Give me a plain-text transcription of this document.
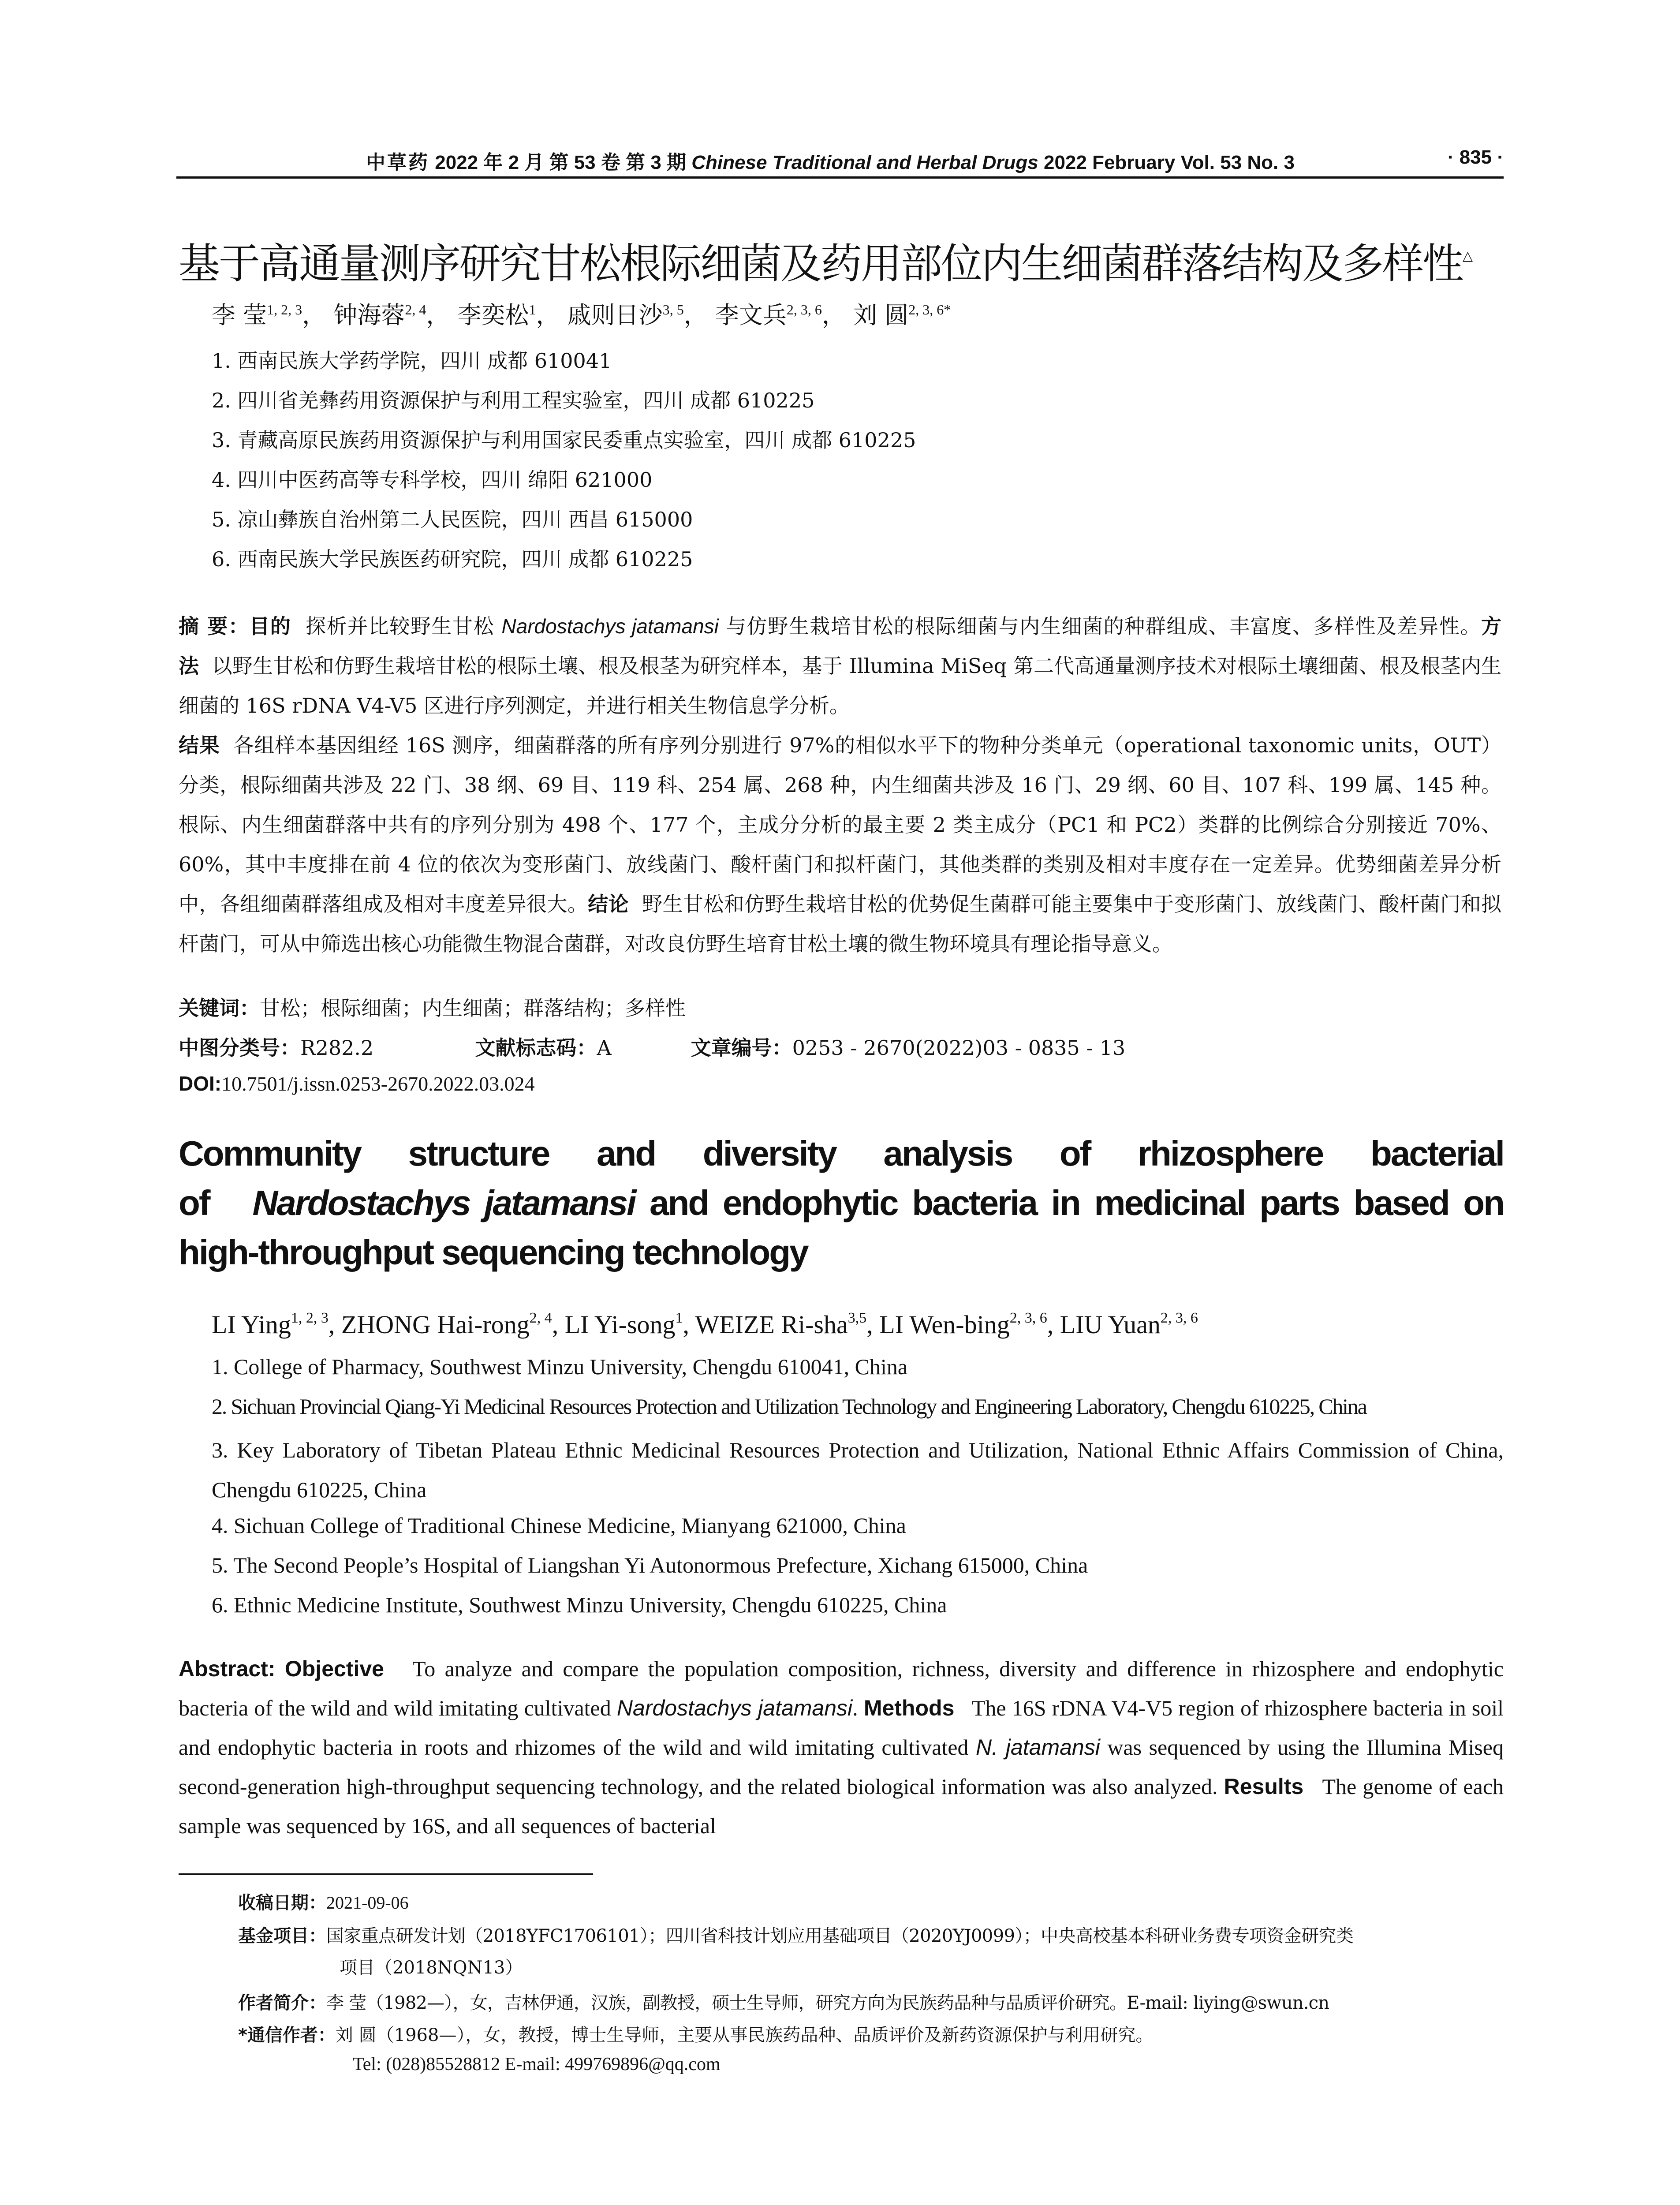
中草药 2022 年 2 月 第 53 卷 第 3 期 Chinese Traditional and Herbal Drugs 2022 February Vol. 53 No. 3	· 835 ·
基于高通量测序研究甘松根际细菌及药用部位内生细菌群落结构及多样性△
李 莹$^{1, 2, 3}$， 钟海蓉$^{2, 4}$， 李奕松$^1$， 戚则日沙$^{3, 5}$， 李文兵$^{2, 3, 6}$， 刘 圆$^{2, 3, 6*}$
1. 西南民族大学药学院，四川 成都 610041
2. 四川省羌彝药用资源保护与利用工程实验室，四川 成都 610225
3. 青藏高原民族药用资源保护与利用国家民委重点实验室，四川 成都 610225
4. 四川中医药高等专科学校，四川 绵阳 621000
5. 凉山彝族自治州第二人民医院，四川 西昌 615000
6. 西南民族大学民族医药研究院，四川 成都 610225
摘 要：目的 探析并比较野生甘松 Nardostachys jatamansi 与仿野生栽培甘松的根际细菌与内生细菌的种群组成、丰富度、多样性及差异性。方法 以野生甘松和仿野生栽培甘松的根际土壤、根及根茎为研究样本，基于 Illumina MiSeq 第二代高通量测序技术对根际土壤细菌、根及根茎内生细菌的 16S rDNA V4-V5 区进行序列测定，并进行相关生物信息学分析。
结果 各组样本基因组经 16S 测序，细菌群落的所有序列分别进行 97%的相似水平下的物种分类单元（operational taxonomic units，OUT）分类，根际细菌共涉及 22 门、38 纲、69 目、119 科、254 属、268 种，内生细菌共涉及 16 门、29 纲、60 目、107 科、199 属、145 种。根际、内生细菌群落中共有的序列分别为 498 个、177 个，主成分分析的最主要 2 类主成分（PC1 和 PC2）类群的比例综合分别接近 70%、60%，其中丰度排在前 4 位的依次为变形菌门、放线菌门、酸杆菌门和拟杆菌门，其他类群的类别及相对丰度存在一定差异。优势细菌差异分析中，各组细菌群落组成及相对丰度差异很大。结论 野生甘松和仿野生栽培甘松的优势促生菌群可能主要集中于变形菌门、放线菌门、酸杆菌门和拟杆菌门，可从中筛选出核心功能微生物混合菌群，对改良仿野生培育甘松土壤的微生物环境具有理论指导意义。
关键词：甘松；根际细菌；内生细菌；群落结构；多样性
中图分类号：R282.2	文献标志码：A	文章编号：0253 - 2670(2022)03 - 0835 - 13
DOI:10.7501/j.issn.0253-2670.2022.03.024
Community structure and diversity analysis of rhizosphere bacterial of Nardostachys jatamansi and endophytic bacteria in medicinal parts based on high-throughput sequencing technology
LI Ying$^{1, 2, 3}$, ZHONG Hai-rong$^{2, 4}$, LI Yi-song$^1$, WEIZE Ri-sha$^{3,5}$, LI Wen-bing$^{2, 3, 6}$, LIU Yuan$^{2, 3, 6}$
1. College of Pharmacy, Southwest Minzu University, Chengdu 610041, China
2. Sichuan Provincial Qiang-Yi Medicinal Resources Protection and Utilization Technology and Engineering Laboratory, Chengdu 610225, China
3. Key Laboratory of Tibetan Plateau Ethnic Medicinal Resources Protection and Utilization, National Ethnic Affairs Commission of China, Chengdu 610225, China
4. Sichuan College of Traditional Chinese Medicine, Mianyang 621000, China
5. The Second People’s Hospital of Liangshan Yi Autonormous Prefecture, Xichang 615000, China
6. Ethnic Medicine Institute, Southwest Minzu University, Chengdu 610225, China
Abstract: Objective To analyze and compare the population composition, richness, diversity and difference in rhizosphere and endophytic bacteria of the wild and wild imitating cultivated Nardostachys jatamansi. Methods The 16S rDNA V4-V5 region of rhizosphere bacteria in soil and endophytic bacteria in roots and rhizomes of the wild and wild imitating cultivated N. jatamansi was sequenced by using the Illumina Miseq second-generation high-throughput sequencing technology, and the related biological information was also analyzed. Results The genome of each sample was sequenced by 16S, and all sequences of bacterial
收稿日期：2021-09-06
基金项目：国家重点研发计划（2018YFC1706101）；四川省科技计划应用基础项目（2020YJ0099）；中央高校基本科研业务费专项资金研究类
项目（2018NQN13）
作者简介：李 莹（1982—），女，吉林伊通，汉族，副教授，硕士生导师，研究方向为民族药品种与品质评价研究。E-mail: liying@swun.cn
*通信作者：刘 圆（1968—），女，教授，博士生导师，主要从事民族药品种、品质评价及新药资源保护与利用研究。
Tel: (028)85528812 E-mail: 499769896@qq.com
